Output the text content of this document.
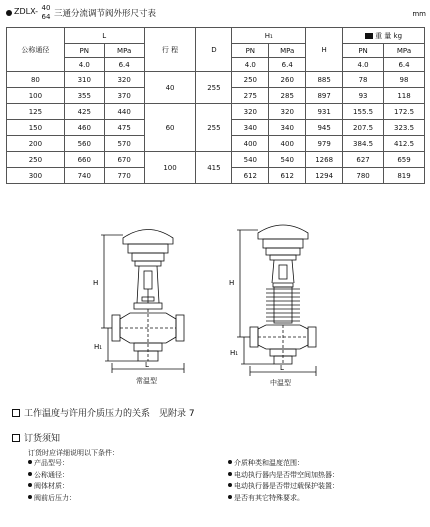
ZDLX- 40
64 三通分流调节阀外形尺寸表	mm
公称通径	L		行 程	D	H₁		H	重 量 kg	
	PN	MPa			PN	MPa		PN	MPa
	4.0	6.4			4.0	6.4		4.0	6.4
80	310	320	40	255	250	260	885	78	98
100	355	370			275	285	897	93	118
125	425	440	60	255	320	320	931	155.5	172.5
150	460	475			340	340	945	207.5	323.5
200	560	570			400	400	979	384.5	412.5
250	660	670	100	415	540	540	1268	627	659
300	740	770			612	612	1294	780	819
H
H₁
L
H
H₁
L
常温型	中温型
工作温度与许用介质压力的关系　见附录 7
订货须知
订货时应详细说明以下条件：
产品型号：
公称通径：
阀体材质：
阀前后压力：
介质种类和温度范围：
电动执行器内是否带空间加热器：
电动执行器是否带过载保护装置：
是否有其它特殊要求。
